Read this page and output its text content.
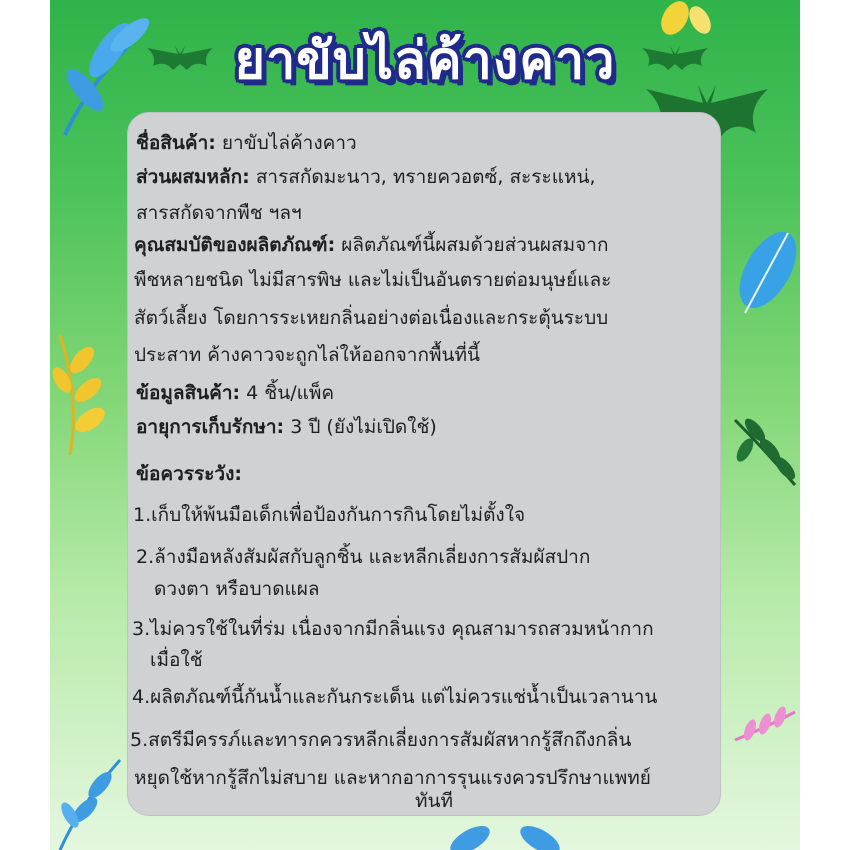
ยาขับไล่ค้างคาว
ชื่อสินค้า: ยาขับไล่ค้างคาว
ส่วนผสมหลัก: สารสกัดมะนาว, ทรายควอตซ์, สะระแหน่,
สารสกัดจากพืช ฯลฯ
คุณสมบัติของผลิตภัณฑ์: ผลิตภัณฑ์นี้ผสมด้วยส่วนผสมจาก
พืชหลายชนิด ไม่มีสารพิษ และไม่เป็นอันตรายต่อมนุษย์และ
สัตว์เลี้ยง โดยการระเหยกลิ่นอย่างต่อเนื่องและกระตุ้นระบบ
ประสาท ค้างคาวจะถูกไล่ให้ออกจากพื้นที่นี้
ข้อมูลสินค้า: 4 ชิ้น/แพ็ค
อายุการเก็บรักษา: 3 ปี (ยังไม่เปิดใช้)
ข้อควรระวัง:
1.เก็บให้พ้นมือเด็กเพื่อป้องกันการกินโดยไม่ตั้งใจ
2.ล้างมือหลังสัมผัสกับลูกชิ้น และหลีกเลี่ยงการสัมผัสปาก
ดวงตา หรือบาดแผล
3.ไม่ควรใช้ในที่ร่ม เนื่องจากมีกลิ่นแรง คุณสามารถสวมหน้ากาก
เมื่อใช้
4.ผลิตภัณฑ์นี้กันน้ำและกันกระเด็น แต่ไม่ควรแช่น้ำเป็นเวลานาน
5.สตรีมีครรภ์และทารกควรหลีกเลี่ยงการสัมผัสหากรู้สึกถึงกลิ่น
หยุดใช้หากรู้สึกไม่สบาย และหากอาการรุนแรงควรปรึกษาแพทย์
ทันที
